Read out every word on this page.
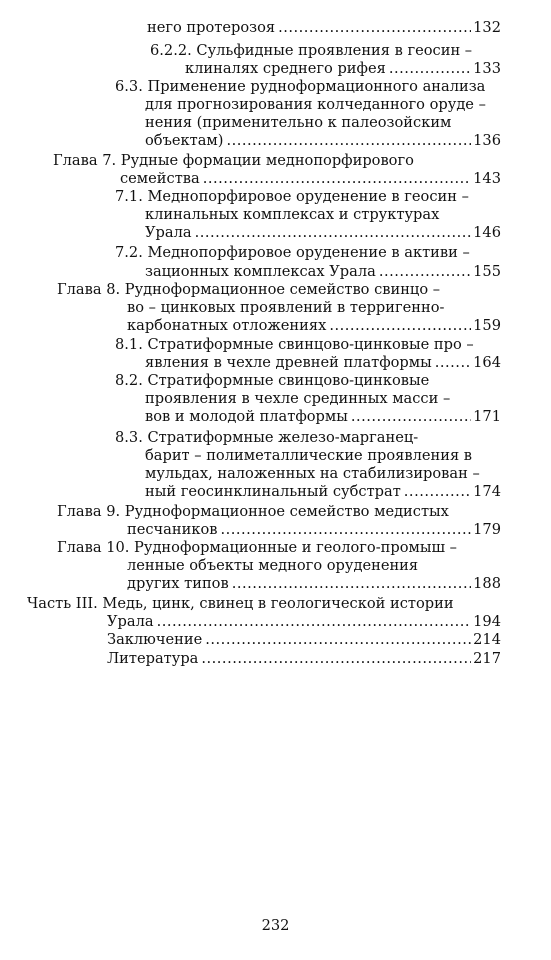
него протерозоя .....	132
6.2.2. Сульфидные проявления в геосин –
клиналях среднего рифея .....	133
6.3. Применение рудноформационного анализа
для прогнозирования колчеданного оруде –
нения (применительно к палеозойским
объектам) .....	136
Глава 7. Рудные формации меднопорфирового
семейства .....	143
7.1. Меднопорфировое оруденение в геосин –
клинальных комплексах и структурах
Урала .....	146
7.2. Меднопорфировое оруденение в активи –
зационных комплексах Урала .....	155
Глава 8. Рудноформационное семейство свинцо –
во – цинковых проявлений в терригенно-
карбонатных отложениях .....	159
8.1. Стратиформные свинцово-цинковые про –
явления в чехле древней платформы .....	164
8.2. Стратиформные свинцово-цинковые
проявления в чехле срединных масси –
вов и молодой платформы .....	171
8.3. Стратиформные железо-марганец-
барит – полиметаллические проявления в
мульдах, наложенных на стабилизирован –
ный геосинклинальный субстрат .....	174
Глава 9. Рудноформационное семейство медистых
песчаников .....	179
Глава 10. Рудноформационные и геолого-промыш –
ленные объекты медного оруденения
других типов .....	188
Часть III. Медь, цинк, свинец в геологической истории
Урала .....	194
Заключение .....	214
Литература .....	217
232
